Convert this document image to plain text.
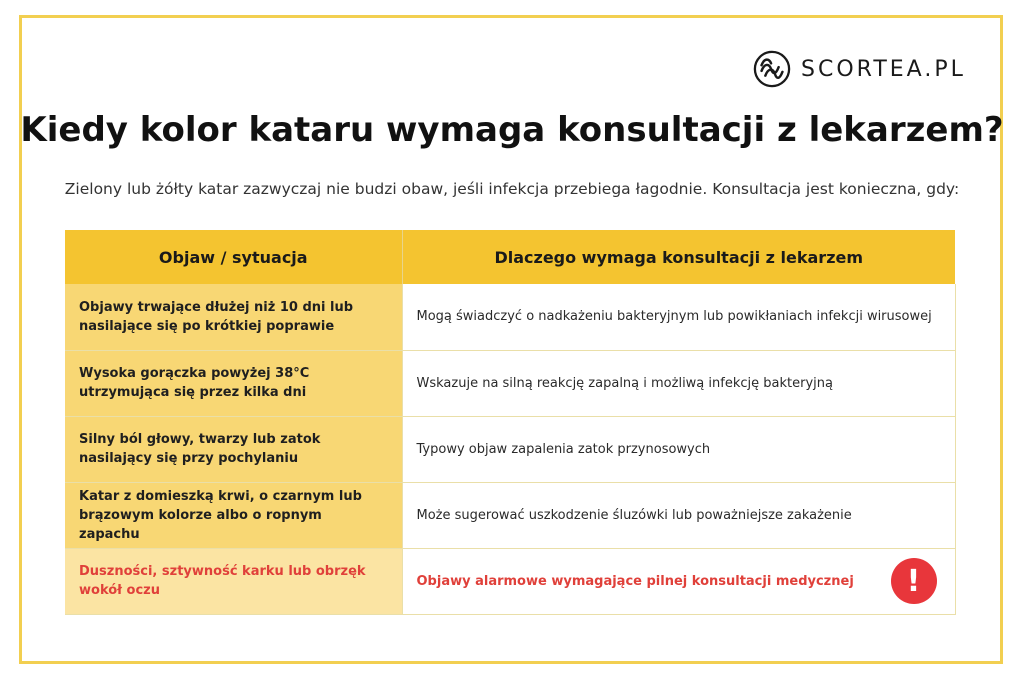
SCORTEA.PL
Kiedy kolor kataru wymaga konsultacji z lekarzem?
Zielony lub żółty katar zazwyczaj nie budzi obaw, jeśli infekcja przebiega łagodnie. Konsultacja jest konieczna, gdy:
Objaw / sytuacja	Dlaczego wymaga konsultacji z lekarzem
Objawy trwające dłużej niż 10 dni lub nasilające się po krótkiej poprawie	Mogą świadczyć o nadkażeniu bakteryjnym lub powikłaniach infekcji wirusowej
Wysoka gorączka powyżej 38°C utrzymująca się przez kilka dni	Wskazuje na silną reakcję zapalną i możliwą infekcję bakteryjną
Silny ból głowy, twarzy lub zatok nasilający się przy pochylaniu	Typowy objaw zapalenia zatok przynosowych
Katar z domieszką krwi, o czarnym lub brązowym kolorze albo o ropnym zapachu	Może sugerować uszkodzenie śluzówki lub poważniejsze zakażenie
Duszności, sztywność karku lub obrzęk wokół oczu	Objawy alarmowe wymagające pilnej konsultacji medycznej !
